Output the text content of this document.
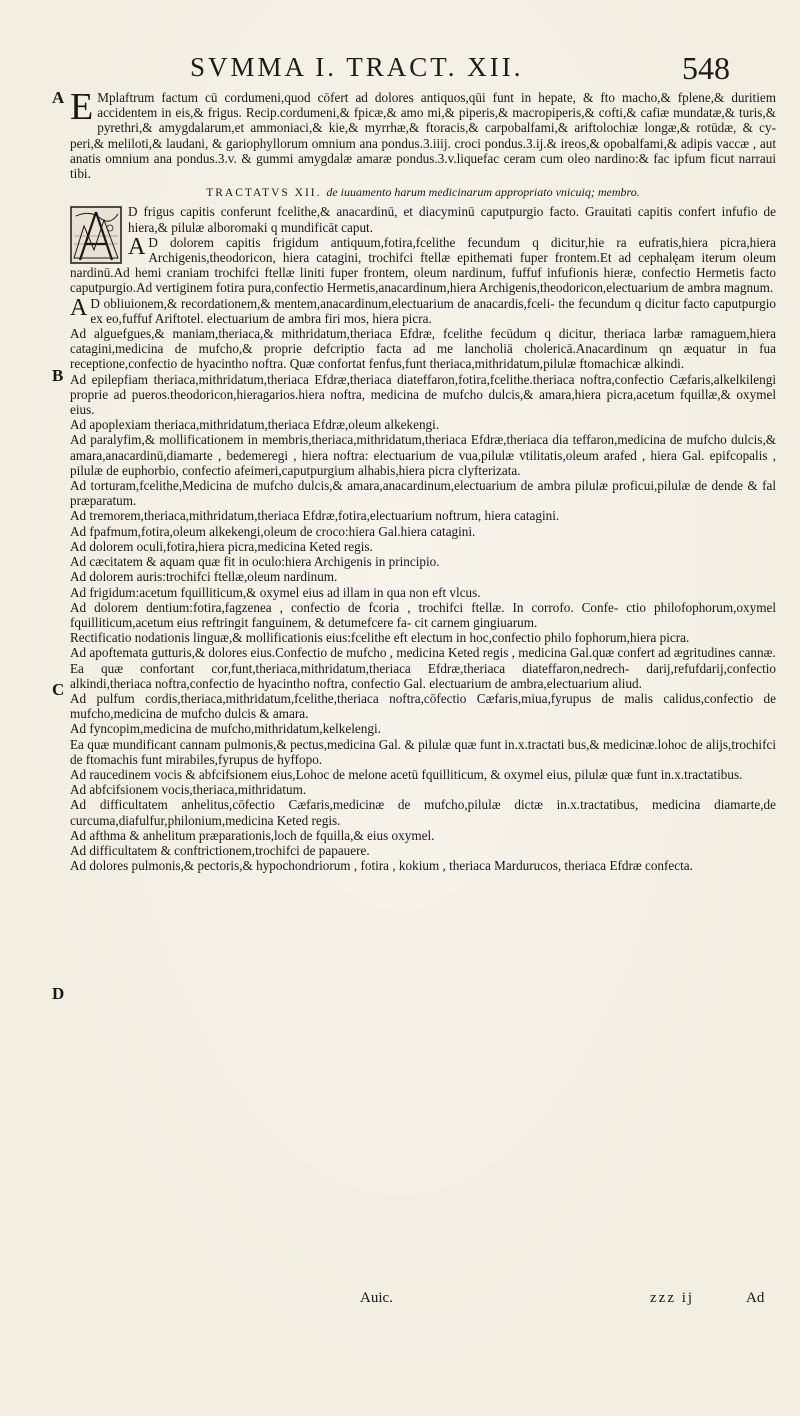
SVMMA I. TRACT. XII.	548
A
B
C
D

E Mplaftrum factum cū cordumeni,quod cōfert ad dolores antiquos,qūi funt in hepate, & fto macho,& fplene,& duritiem accidentem in eis,& frigus. Recip.cordumeni,& fpicæ,& amo mi,& piperis,& macropiperis,& cofti,& cafiæ mundatæ,& turis,& pyrethri,& amygdalarum,et ammoniaci,& kie,& myrrhæ,& ftoracis,& carpobalfami,& ariftolochiæ longæ,& rotūdæ, & cy- peri,& meliloti,& laudani, & gariophyllorum omnium ana pondus.3.iiij. croci pondus.3.ij.& ireos,& opobalfami,& adipis vaccæ , aut anatis omnium ana pondus.3.v. & gummi amygdalæ amaræ pondus.3.v.liquefac ceram cum oleo nardino:& fac ipfum ficut narraui tibi.

TRACTATVS XII. de iuuamento harum medicinarum appropriato vnicuiq; membro.

D frigus capitis conferunt fcelithe,& anacardinū, et diacyminū caputpurgio facto. Grauitati capitis confert infufio de hiera,& pilulæ alboromaki q mundificāt caput.

A D dolorem capitis frigidum antiquum,fotira,fcelithe fecundum q dicitur,hie ra eufratis,hiera picra,hiera Archigenis,theodoricon, hiera catagini, trochifci ftellæ epithemati fuper frontem.Et ad cephalęam iterum oleum nardinū.Ad hemi craniam trochifci ftellæ liniti fuper frontem, oleum nardinum, fuffuf infufionis hieræ, confectio Hermetis facto caputpurgio.Ad vertiginem fotira pura,confectio Hermetis,anacardinum,hiera Archigenis,theodoricon,electuarium de ambra magnum.

A D obliuionem,& recordationem,& mentem,anacardinum,electuarium de anacardis,fceli- the fecundum q dicitur facto caputpurgio ex eo,fuffuf Ariftotel. electuarium de ambra firi mos, hiera picra.

Ad alguefgues,& maniam,theriaca,& mithridatum,theriaca Efdræ, fcelithe fecūdum q dicitur, theriaca larbæ ramaguem,hiera catagini,medicina de mufcho,& proprie defcriptio facta ad me lancholiā cholericā.Anacardinum qn æquatur in fua receptione,confectio de hyacintho noftra. Quæ confortat fenfus,funt theriaca,mithridatum,pilulæ ftomachicæ alkindi.

Ad epilepfiam theriaca,mithridatum,theriaca Efdræ,theriaca diateffaron,fotira,fcelithe.theriaca noftra,confectio Cæfaris,alkelkilengi proprie ad pueros.theodoricon,hieragarios.hiera noftra, medicina de mufcho dulcis,& amara,hiera picra,acetum fquillæ,& oxymel eius.

Ad apoplexiam theriaca,mithridatum,theriaca Efdræ,oleum alkekengi.

Ad paralyfim,& mollificationem in membris,theriaca,mithridatum,theriaca Efdræ,theriaca dia teffaron,medicina de mufcho dulcis,& amara,anacardinū,diamarte , bedemeregi , hiera noftra: electuarium de vua,pilulæ vtilitatis,oleum arafed , hiera Gal. epifcopalis , pilulæ de euphorbio, confectio afeimeri,caputpurgium alhabis,hiera picra clyfterizata.

Ad torturam,fcelithe,Medicina de mufcho dulcis,& amara,anacardinum,electuarium de ambra pilulæ proficui,pilulæ de dende & fal præparatum.

Ad tremorem,theriaca,mithridatum,theriaca Efdræ,fotira,electuarium noftrum, hiera catagini.

Ad fpafmum,fotira,oleum alkekengi,oleum de croco:hiera Gal.hiera catagini.

Ad dolorem oculi,fotira,hiera picra,medicina Keted regis.

Ad cæcitatem & aquam quæ fit in oculo:hiera Archigenis in principio.

Ad dolorem auris:trochifci ftellæ,oleum nardinum.

Ad frigidum:acetum fquilliticum,& oxymel eius ad illam in qua non eft vlcus.

Ad dolorem dentium:fotira,fagzenea , confectio de fcoria , trochifci ftellæ. In corrofo. Confe- ctio philofophorum,oxymel fquilliticum,acetum eius reftringit fanguinem, & detumefcere fa- cit carnem gingiuarum.

Rectificatio nodationis linguæ,& mollificationis eius:fcelithe eft electum in hoc,confectio philo fophorum,hiera picra.

Ad apoftemata gutturis,& dolores eius.Confectio de mufcho , medicina Keted regis , medicina Gal.quæ confert ad ægritudines cannæ.

Ea quæ confortant cor,funt,theriaca,mithridatum,theriaca Efdræ,theriaca diateffaron,nedrech- darij,refufdarij,confectio alkindi,theriaca noftra,confectio de hyacintho noftra, confectio Gal. electuarium de ambra,electuarium aliud.

Ad pulfum cordis,theriaca,mithridatum,fcelithe,theriaca noftra,cōfectio Cæfaris,miua,fyrupus de malis calidus,confectio de mufcho,medicina de mufcho dulcis & amara.

Ad fyncopim,medicina de mufcho,mithridatum,kelkelengi.

Ea quæ mundificant cannam pulmonis,& pectus,medicina Gal. & pilulæ quæ funt in.x.tractati bus,& medicinæ.lohoc de alijs,trochifci de ftomachis funt mirabiles,fyrupus de hyffopo.

Ad raucedinem vocis & abfcifsionem eius,Lohoc de melone acetū fquilliticum, & oxymel eius, pilulæ quæ funt in.x.tractatibus.

Ad abfcifsionem vocis,theriaca,mithridatum.

Ad difficultatem anhelitus,cōfectio Cæfaris,medicinæ de mufcho,pilulæ dictæ in.x.tractatibus, medicina diamarte,de curcuma,diafulfur,philonium,medicina Keted regis.

Ad afthma & anhelitum præparationis,loch de fquilla,& eius oxymel.

Ad difficultatem & conftrictionem,trochifci de papauere.

Ad dolores pulmonis,& pectoris,& hypochondriorum , fotira , kokium , theriaca Mardurucos, theriaca Efdræ confecta.

Auic.	zzz ij	Ad
